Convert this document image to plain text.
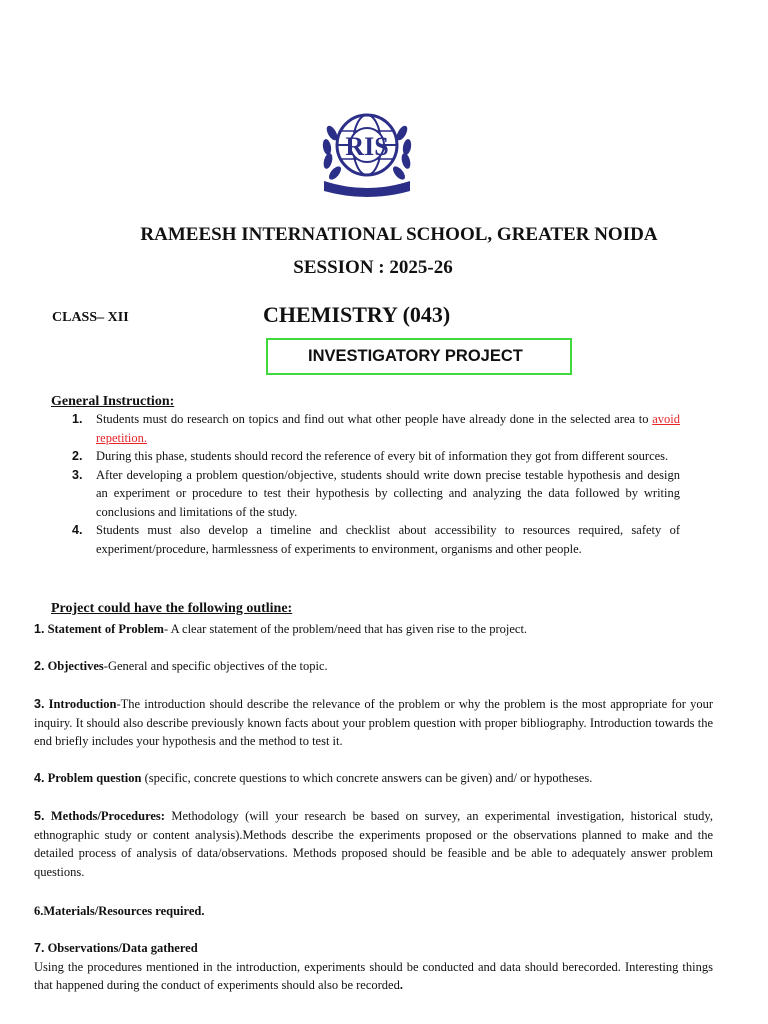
RIS
RAMEESH INTERNATIONAL SCHOOL, GREATER NOIDA
SESSION : 2025-26
CLASS– XII	CHEMISTRY (043)
INVESTIGATORY PROJECT
General Instruction:
1.	Students must do research on topics and find out what other people have already done in the selected area to avoid repetition.
2.	During this phase, students should record the reference of every bit of information they got from different sources.
3.	After developing a problem question/objective, students should write down precise testable hypothesis and design an experiment or procedure to test their hypothesis by collecting and analyzing the data followed by writing conclusions and limitations of the study.
4.	Students must also develop a timeline and checklist about accessibility to resources required, safety of experiment/procedure, harmlessness of experiments to environment, organisms and other people.
Project could have the following outline:
1. Statement of Problem- A clear statement of the problem/need that has given rise to the project.
2. Objectives-General and specific objectives of the topic.
3. Introduction-The introduction should describe the relevance of the problem or why the problem is the most appropriate for your inquiry. It should also describe previously known facts about your problem question with proper bibliography. Introduction towards the end briefly includes your hypothesis and the method to test it.
4. Problem question (specific, concrete questions to which concrete answers can be given) and/ or hypotheses.
5. Methods/Procedures: Methodology (will your research be based on survey, an experimental investigation, historical study, ethnographic study or content analysis).Methods describe the experiments proposed or the observations planned to make and the detailed process of analysis of data/observations. Methods proposed should be feasible and be able to adequately answer problem questions.
6.Materials/Resources required.
7. Observations/Data gathered
Using the procedures mentioned in the introduction, experiments should be conducted and data should berecorded. Interesting things that happened during the conduct of experiments should also be recorded.
